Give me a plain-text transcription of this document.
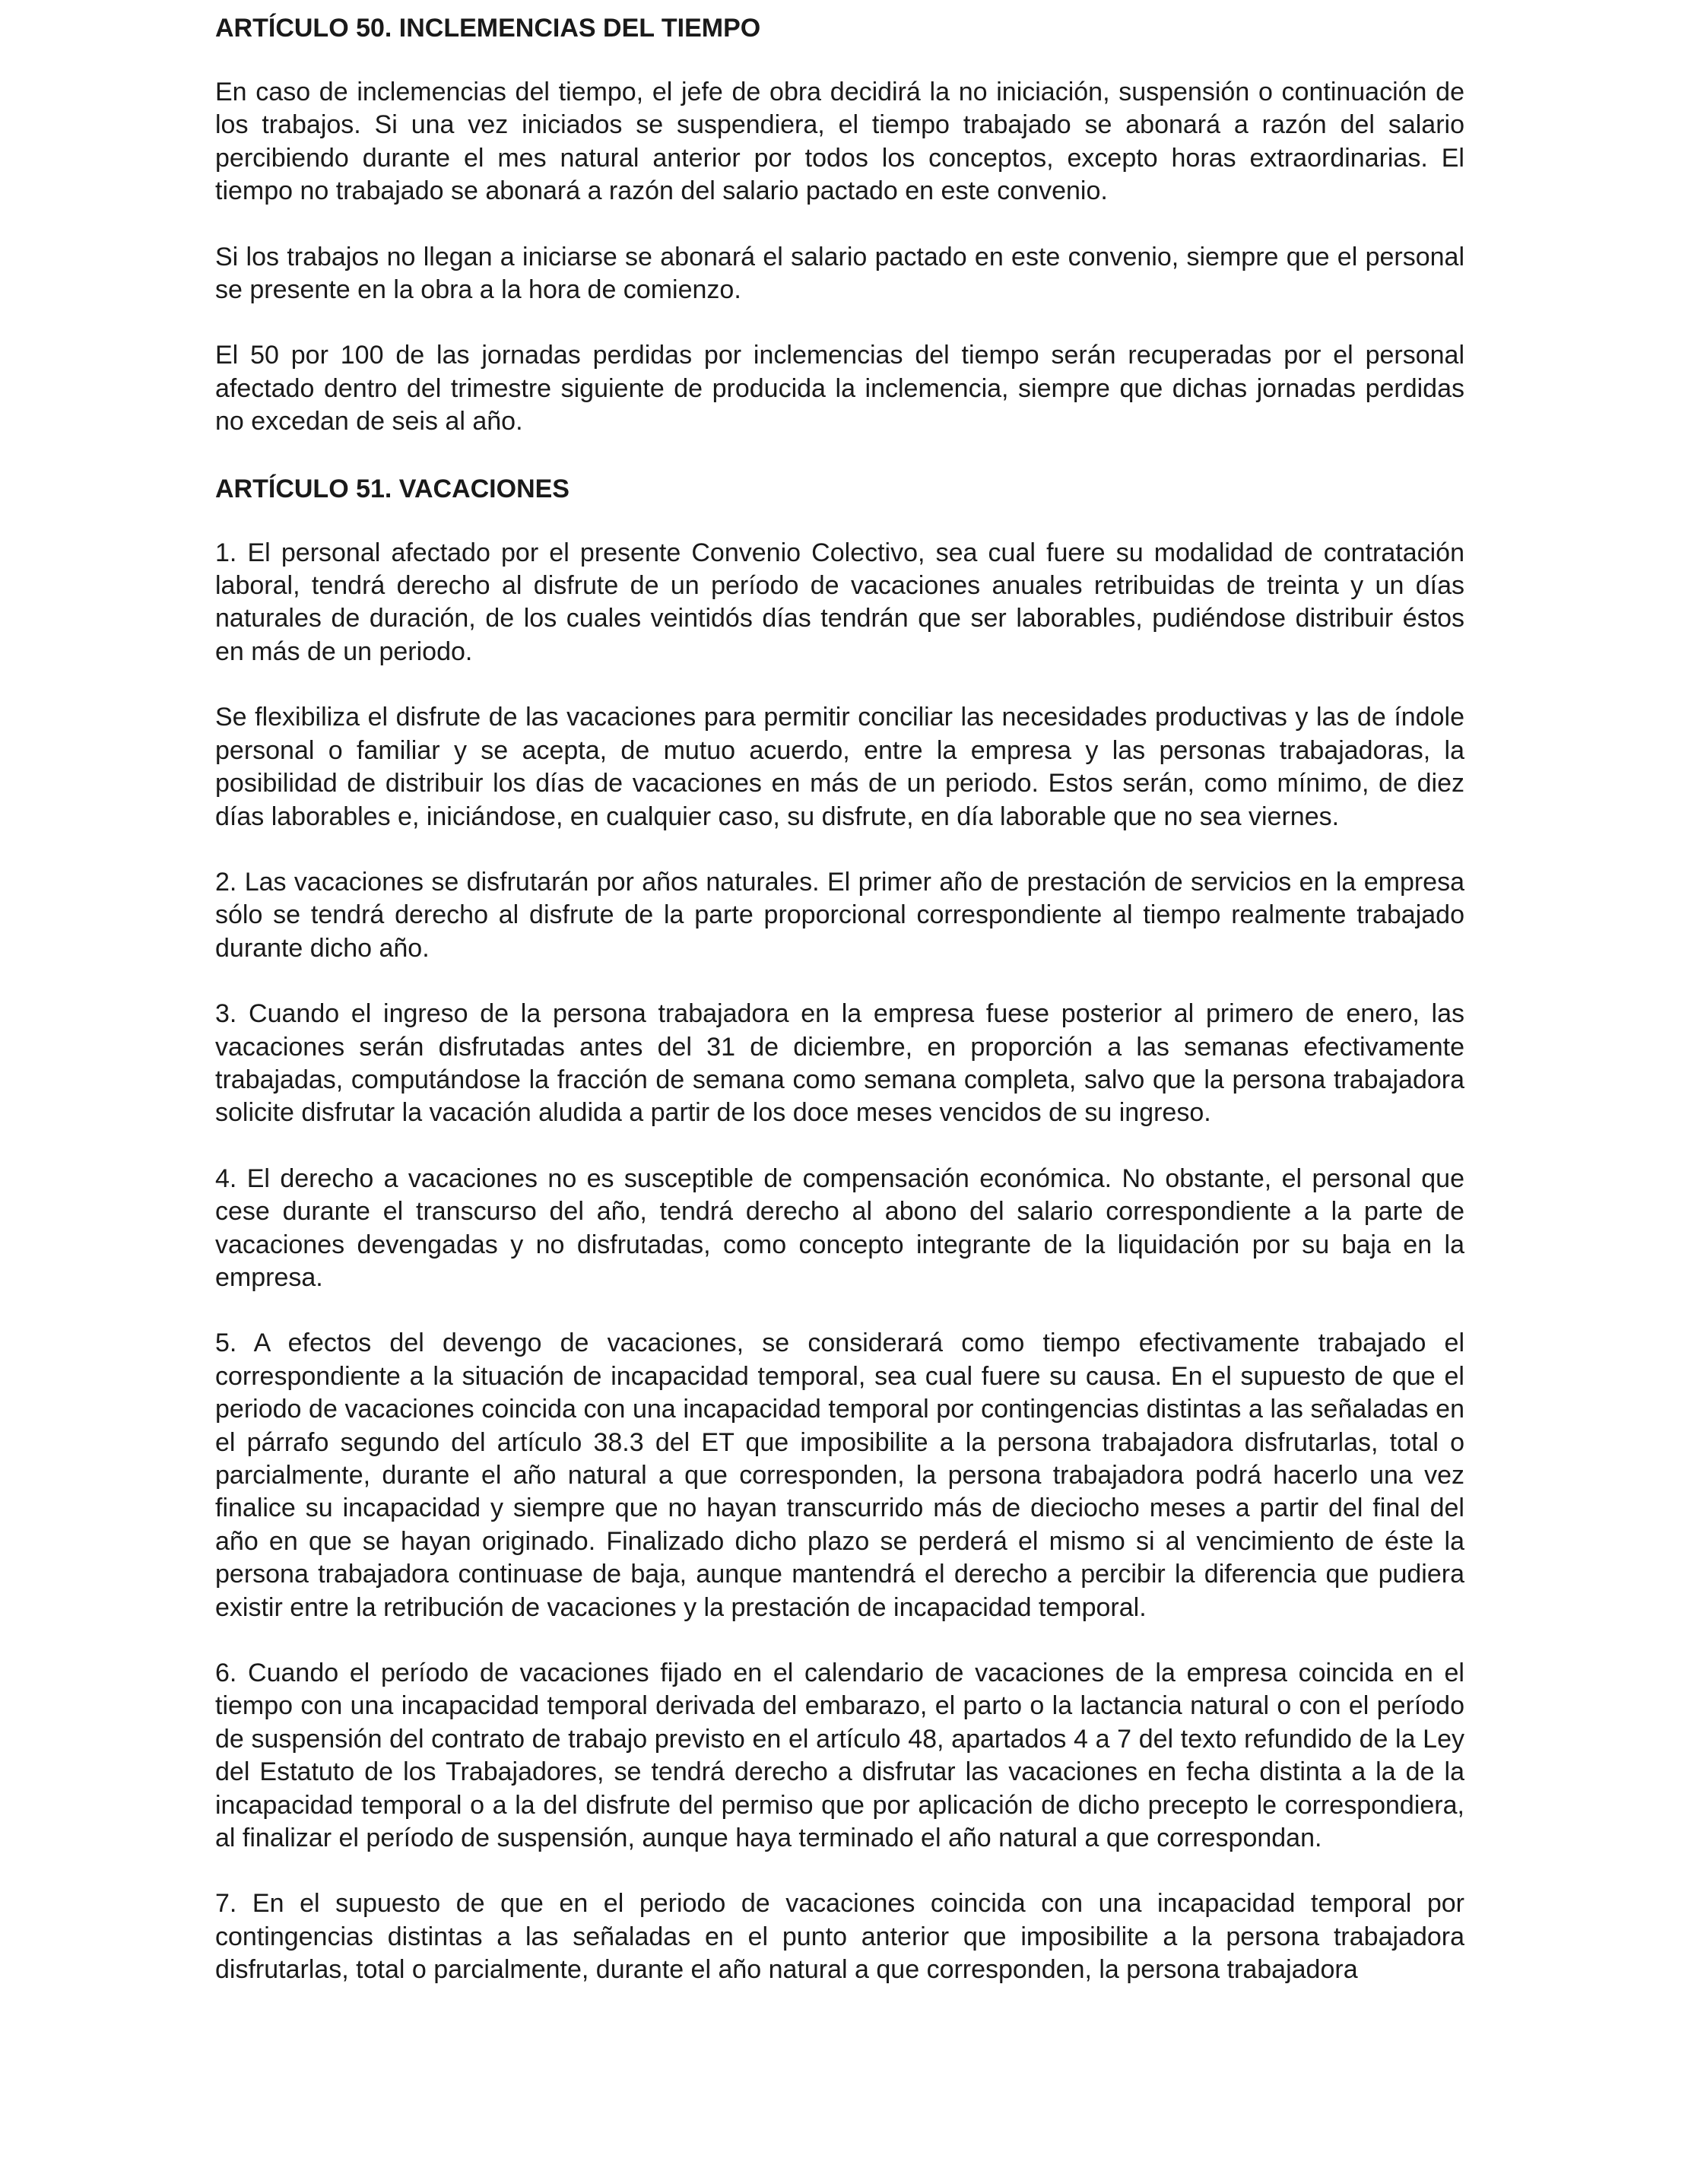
ARTÍCULO 50. INCLEMENCIAS DEL TIEMPO

En caso de inclemencias del tiempo, el jefe de obra decidirá la no iniciación, suspensión o continuación de los trabajos. Si una vez iniciados se suspendiera, el tiempo trabajado se abonará a razón del salario percibiendo durante el mes natural anterior por todos los conceptos, excepto horas extraordinarias. El tiempo no trabajado se abonará a razón del salario pactado en este convenio.

Si los trabajos no llegan a iniciarse se abonará el salario pactado en este convenio, siempre que el personal se presente en la obra a la hora de comienzo.

El 50 por 100 de las jornadas perdidas por inclemencias del tiempo serán recuperadas por el personal afectado dentro del trimestre siguiente de producida la inclemencia, siempre que dichas jornadas perdidas no excedan de seis al año.

ARTÍCULO 51. VACACIONES

1. El personal afectado por el presente Convenio Colectivo, sea cual fuere su modalidad de contratación laboral, tendrá derecho al disfrute de un período de vacaciones anuales retribuidas de treinta y un días naturales de duración, de los cuales veintidós días tendrán que ser laborables, pudiéndose distribuir éstos en más de un periodo.

Se flexibiliza el disfrute de las vacaciones para permitir conciliar las necesidades productivas y las de índole personal o familiar y se acepta, de mutuo acuerdo, entre la empresa y las personas trabajadoras, la posibilidad de distribuir los días de vacaciones en más de un periodo. Estos serán, como mínimo, de diez días laborables e, iniciándose, en cualquier caso, su disfrute, en día laborable que no sea viernes.

2. Las vacaciones se disfrutarán por años naturales. El primer año de prestación de servicios en la empresa sólo se tendrá derecho al disfrute de la parte proporcional correspondiente al tiempo realmente trabajado durante dicho año.

3. Cuando el ingreso de la persona trabajadora en la empresa fuese posterior al primero de enero, las vacaciones serán disfrutadas antes del 31 de diciembre, en proporción a las semanas efectivamente trabajadas, computándose la fracción de semana como semana completa, salvo que la persona trabajadora solicite disfrutar la vacación aludida a partir de los doce meses vencidos de su ingreso.

4. El derecho a vacaciones no es susceptible de compensación económica. No obstante, el personal que cese durante el transcurso del año, tendrá derecho al abono del salario correspondiente a la parte de vacaciones devengadas y no disfrutadas, como concepto integrante de la liquidación por su baja en la empresa.

5. A efectos del devengo de vacaciones, se considerará como tiempo efectivamente trabajado el correspondiente a la situación de incapacidad temporal, sea cual fuere su causa. En el supuesto de que el periodo de vacaciones coincida con una incapacidad temporal por contingencias distintas a las señaladas en el párrafo segundo del artículo 38.3 del ET que imposibilite a la persona trabajadora disfrutarlas, total o parcialmente, durante el año natural a que corresponden, la persona trabajadora podrá hacerlo una vez finalice su incapacidad y siempre que no hayan transcurrido más de dieciocho meses a partir del final del año en que se hayan originado. Finalizado dicho plazo se perderá el mismo si al vencimiento de éste la persona trabajadora continuase de baja, aunque mantendrá el derecho a percibir la diferencia que pudiera existir entre la retribución de vacaciones y la prestación de incapacidad temporal.

6. Cuando el período de vacaciones fijado en el calendario de vacaciones de la empresa coincida en el tiempo con una incapacidad temporal derivada del embarazo, el parto o la lactancia natural o con el período de suspensión del contrato de trabajo previsto en el artículo 48, apartados 4 a 7 del texto refundido de la Ley del Estatuto de los Trabajadores, se tendrá derecho a disfrutar las vacaciones en fecha distinta a la de la incapacidad temporal o a la del disfrute del permiso que por aplicación de dicho precepto le correspondiera, al finalizar el período de suspensión, aunque haya terminado el año natural a que correspondan.

7. En el supuesto de que en el periodo de vacaciones coincida con una incapacidad temporal por contingencias distintas a las señaladas en el punto anterior que imposibilite a la persona trabajadora disfrutarlas, total o parcialmente, durante el año natural a que corresponden, la persona trabajadora
